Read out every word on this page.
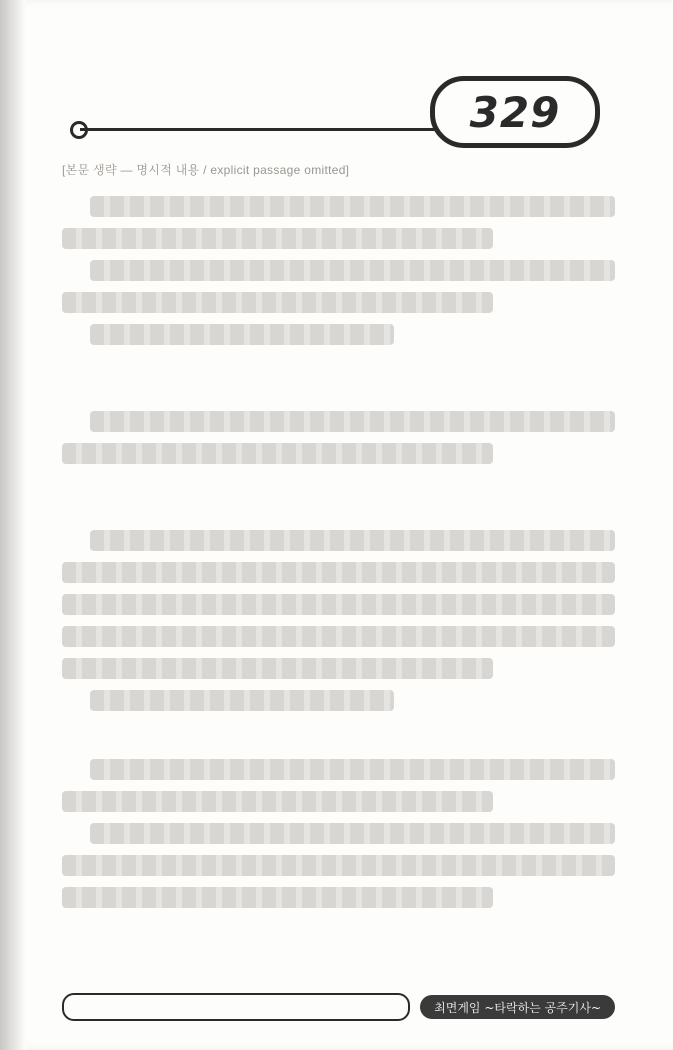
329
[본문 생략 — 명시적 내용 / explicit passage omitted]
최면게임 ~타락하는 공주기사~
